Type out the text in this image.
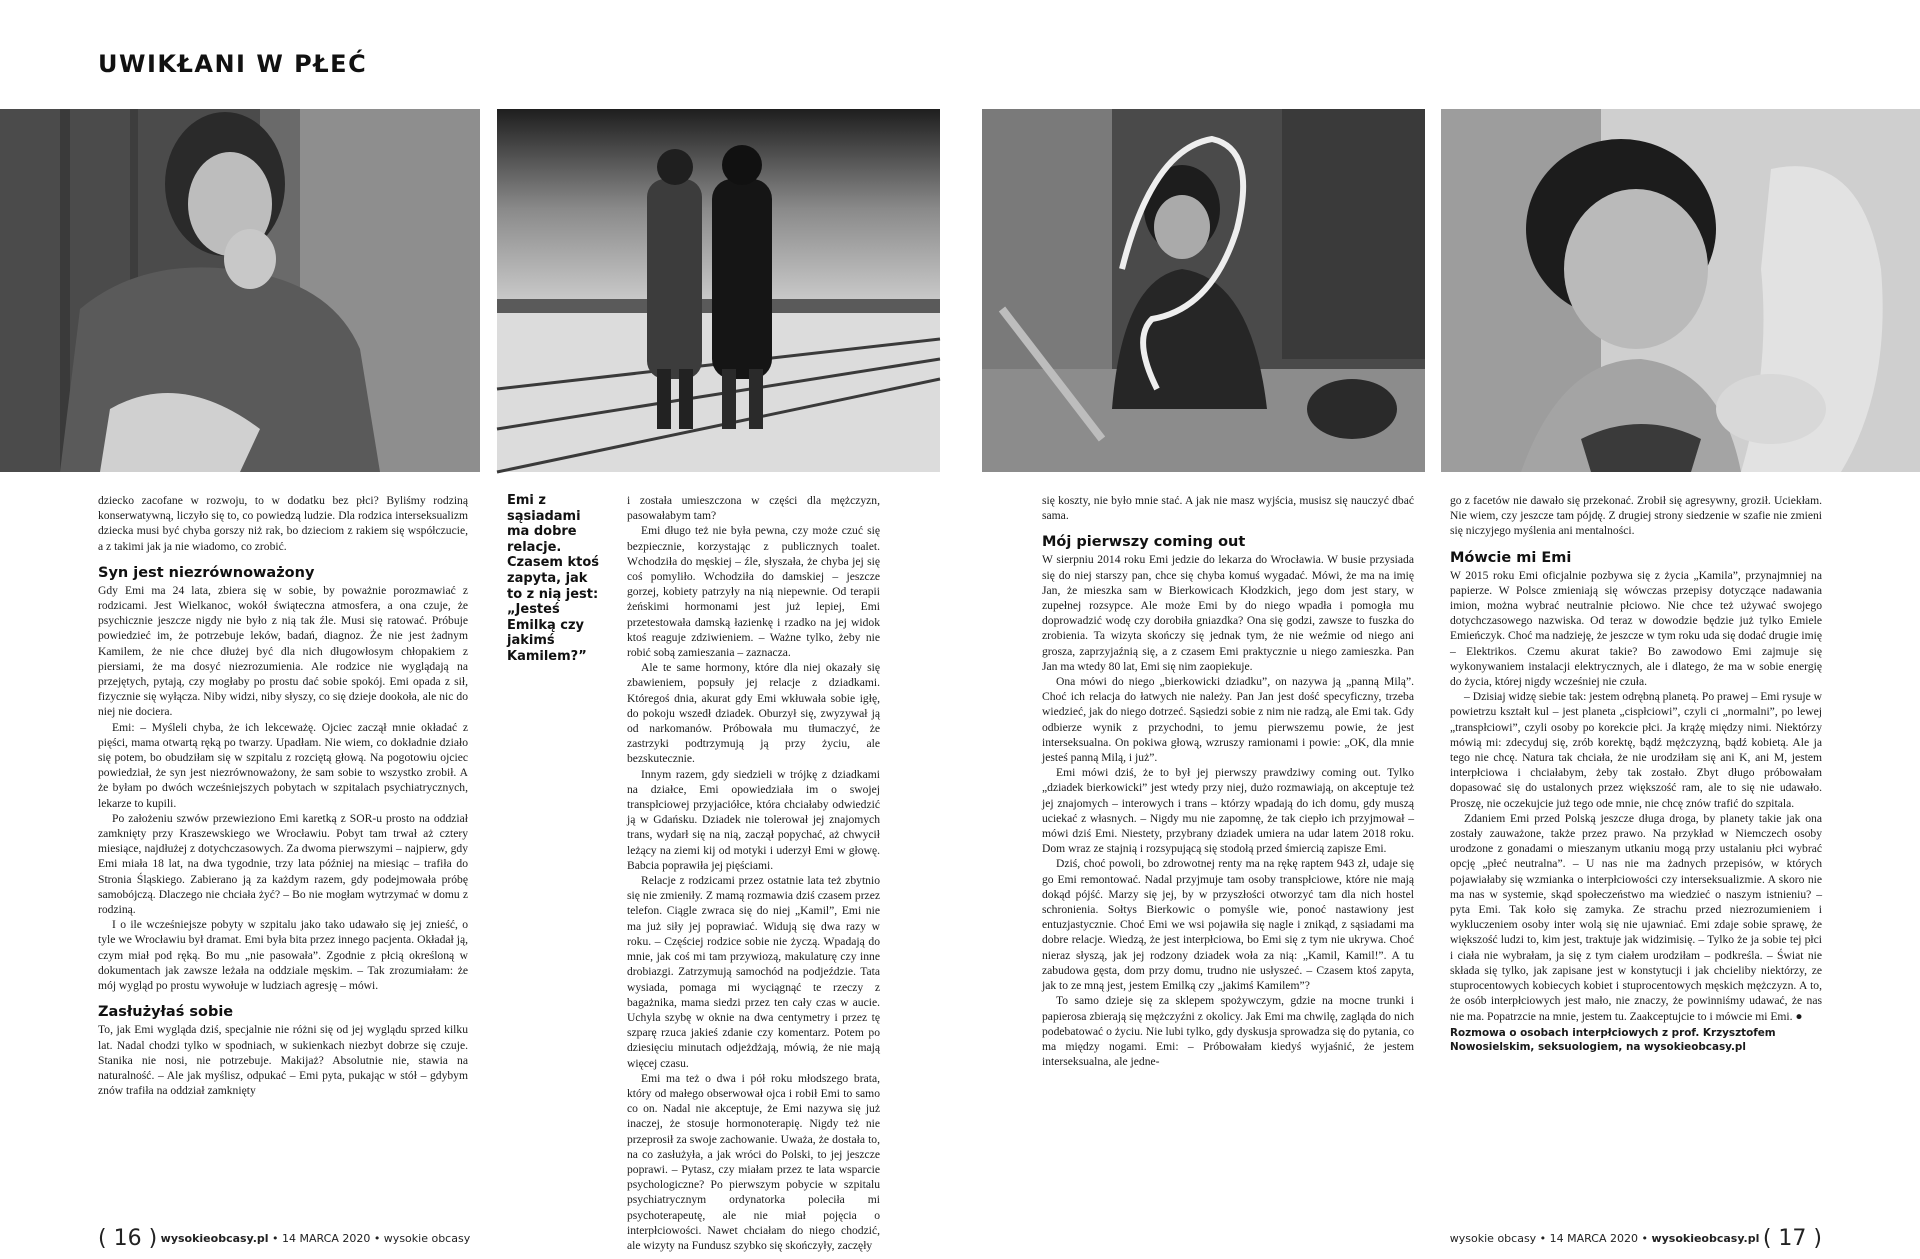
UWIKŁANI W PŁEĆ

dziecko zacofane w rozwoju, to w dodatku bez płci? Byliśmy rodziną konserwatywną, liczyło się to, co powiedzą ludzie. Dla rodzica interseksualizm dziecka musi być chyba gorszy niż rak, bo dzieciom z rakiem się współczucie, a z takimi jak ja nie wiadomo, co zrobić.

Syn jest niezrównoważony

Gdy Emi ma 24 lata, zbiera się w sobie, by poważnie porozmawiać z rodzicami. Jest Wielkanoc, wokół świąteczna atmosfera, a ona czuje, że psychicznie jeszcze nigdy nie było z nią tak źle. Musi się ratować. Próbuje powiedzieć im, że potrzebuje leków, badań, diagnoz. Że nie jest żadnym Kamilem, że nie chce dłużej być dla nich długowłosym chłopakiem z piersiami, że ma dosyć niezrozumienia. Ale rodzice nie wyglądają na przejętych, pytają, czy mogłaby po prostu dać sobie spokój. Emi opada z sił, fizycznie się wyłącza. Niby widzi, niby słyszy, co się dzieje dookoła, ale nic do niej nie dociera.

Emi: – Myśleli chyba, że ich lekceważę. Ojciec zaczął mnie okładać z pięści, mama otwartą ręką po twarzy. Upadłam. Nie wiem, co dokładnie działo się potem, bo obudziłam się w szpitalu z rozciętą głową. Na pogotowiu ojciec powiedział, że syn jest niezrównoważony, że sam sobie to wszystko zrobił. A że byłam po dwóch wcześniejszych pobytach w szpitalach psychiatrycznych, lekarze to kupili.

Po założeniu szwów przewieziono Emi karetką z SOR-u prosto na oddział zamknięty przy Kraszewskiego we Wrocławiu. Pobyt tam trwał aż cztery miesiące, najdłużej z dotychczasowych. Za dwoma pierwszymi – najpierw, gdy Emi miała 18 lat, na dwa tygodnie, trzy lata później na miesiąc – trafiła do Stronia Śląskiego. Zabierano ją za każdym razem, gdy podejmowała próbę samobójczą. Dlaczego nie chciała żyć? – Bo nie mogłam wytrzymać w domu z rodziną.

I o ile wcześniejsze pobyty w szpitalu jako tako udawało się jej znieść, o tyle we Wrocławiu był dramat. Emi była bita przez innego pacjenta. Okładał ją, czym miał pod ręką. Bo mu „nie pasowała”. Zgodnie z płcią określoną w dokumentach jak zawsze leżała na oddziale męskim. – Tak zrozumiałam: że mój wygląd po prostu wywołuje w ludziach agresję – mówi.

Zasłużyłaś sobie

To, jak Emi wygląda dziś, specjalnie nie różni się od jej wyglądu sprzed kilku lat. Nadal chodzi tylko w spodniach, w sukienkach niezbyt dobrze się czuje. Stanika nie nosi, nie potrzebuje. Makijaż? Absolutnie nie, stawia na naturalność. – Ale jak myślisz, odpukać – Emi pyta, pukając w stół – gdybym znów trafiła na oddział zamknięty

Emi z sąsiadami ma dobre relacje. Czasem ktoś zapyta, jak to z nią jest: „Jesteś Emilką czy jakimś Kamilem?”

i została umieszczona w części dla mężczyzn, pasowałabym tam?

Emi długo też nie była pewna, czy może czuć się bezpiecznie, korzystając z publicznych toalet. Wchodziła do męskiej – źle, słyszała, że chyba jej się coś pomyliło. Wchodziła do damskiej – jeszcze gorzej, kobiety patrzyły na nią niepewnie. Od terapii żeńskimi hormonami jest już lepiej, Emi przetestowała damską łazienkę i rzadko na jej widok ktoś reaguje zdziwieniem. – Ważne tylko, żeby nie robić sobą zamieszania – zaznacza.

Ale te same hormony, które dla niej okazały się zbawieniem, popsuły jej relacje z dziadkami. Któregoś dnia, akurat gdy Emi wkłuwała sobie igłę, do pokoju wszedł dziadek. Oburzył się, zwyzywał ją od narkomanów. Próbowała mu tłumaczyć, że zastrzyki podtrzymują ją przy życiu, ale bezskutecznie.

Innym razem, gdy siedzieli w trójkę z dziadkami na działce, Emi opowiedziała im o swojej transpłciowej przyjaciółce, która chciałaby odwiedzić ją w Gdańsku. Dziadek nie tolerował jej znajomych trans, wydarł się na nią, zaczął popychać, aż chwycił leżący na ziemi kij od motyki i uderzył Emi w głowę. Babcia poprawiła jej pięściami.

Relacje z rodzicami przez ostatnie lata też zbytnio się nie zmieniły. Z mamą rozmawia dziś czasem przez telefon. Ciągle zwraca się do niej „Kamil”, Emi nie ma już siły jej poprawiać. Widują się dwa razy w roku. – Częściej rodzice sobie nie życzą. Wpadają do mnie, jak coś mi tam przywiozą, makulaturę czy inne drobiazgi. Zatrzymują samochód na podjeździe. Tata wysiada, pomaga mi wyciągnąć te rzeczy z bagażnika, mama siedzi przez ten cały czas w aucie. Uchyla szybę w oknie na dwa centymetry i przez tę szparę rzuca jakieś zdanie czy komentarz. Potem po dziesięciu minutach odjeżdżają, mówią, że nie mają więcej czasu.

Emi ma też o dwa i pół roku młodszego brata, który od małego obserwował ojca i robił Emi to samo co on. Nadal nie akceptuje, że Emi nazywa się już inaczej, że stosuje hormonoterapię. Nigdy też nie przeprosił za swoje zachowanie. Uważa, że dostała to, na co zasłużyła, a jak wróci do Polski, to jej jeszcze poprawi. – Pytasz, czy miałam przez te lata wsparcie psychologiczne? Po pierwszym pobycie w szpitalu psychiatrycznym ordynatorka poleciła mi psychoterapeutę, ale nie miał pojęcia o interpłciowości. Nawet chciałam do niego chodzić, ale wizyty na Fundusz szybko się skończyły, zaczęły

się koszty, nie było mnie stać. A jak nie masz wyjścia, musisz się nauczyć dbać sama.

Mój pierwszy coming out

W sierpniu 2014 roku Emi jedzie do lekarza do Wrocławia. W busie przysiada się do niej starszy pan, chce się chyba komuś wygadać. Mówi, że ma na imię Jan, że mieszka sam w Bierkowicach Kłodzkich, jego dom jest stary, w zupełnej rozsypce. Ale może Emi by do niego wpadła i pomogła mu doprowadzić wodę czy dorobiła gniazdka? Ona się godzi, zawsze to fuszka do zrobienia. Ta wizyta skończy się jednak tym, że nie weźmie od niego ani grosza, zaprzyjaźnią się, a z czasem Emi praktycznie u niego zamieszka. Pan Jan ma wtedy 80 lat, Emi się nim zaopiekuje.

Ona mówi do niego „bierkowicki dziadku”, on nazywa ją „panną Milą”. Choć ich relacja do łatwych nie należy. Pan Jan jest dość specyficzny, trzeba wiedzieć, jak do niego dotrzeć. Sąsiedzi sobie z nim nie radzą, ale Emi tak. Gdy odbierze wynik z przychodni, to jemu pierwszemu powie, że jest interseksualna. On pokiwa głową, wzruszy ramionami i powie: „OK, dla mnie jesteś panną Milą, i już”.

Emi mówi dziś, że to był jej pierwszy prawdziwy coming out. Tylko „dziadek bierkowicki” jest wtedy przy niej, dużo rozmawiają, on akceptuje też jej znajomych – interowych i trans – którzy wpadają do ich domu, gdy muszą uciekać z własnych. – Nigdy mu nie zapomnę, że tak ciepło ich przyjmował – mówi dziś Emi. Niestety, przybrany dziadek umiera na udar latem 2018 roku. Dom wraz ze stajnią i rozsypującą się stodołą przed śmiercią zapisze Emi.

Dziś, choć powoli, bo zdrowotnej renty ma na rękę raptem 943 zł, udaje się go Emi remontować. Nadal przyjmuje tam osoby transpłciowe, które nie mają dokąd pójść. Marzy się jej, by w przyszłości otworzyć tam dla nich hostel schronienia. Sołtys Bierkowic o pomyśle wie, ponoć nastawiony jest entuzjastycznie. Choć Emi we wsi pojawiła się nagle i znikąd, z sąsiadami ma dobre relacje. Wiedzą, że jest interpłciowa, bo Emi się z tym nie ukrywa. Choć nieraz słyszą, jak jej rodzony dziadek woła za nią: „Kamil, Kamil!”. A tu zabudowa gęsta, dom przy domu, trudno nie usłyszeć. – Czasem ktoś zapyta, jak to ze mną jest, jestem Emilką czy „jakimś Kamilem”?

To samo dzieje się za sklepem spożywczym, gdzie na mocne trunki i papierosa zbierają się mężczyźni z okolicy. Jak Emi ma chwilę, zagląda do nich podebatować o życiu. Nie lubi tylko, gdy dyskusja sprowadza się do pytania, co ma między nogami. Emi: – Próbowałam kiedyś wyjaśnić, że jestem interseksualna, ale jedne-

go z facetów nie dawało się przekonać. Zrobił się agresywny, groził. Uciekłam. Nie wiem, czy jeszcze tam pójdę. Z drugiej strony siedzenie w szafie nie zmieni się niczyjego myślenia ani mentalności.

Mówcie mi Emi

W 2015 roku Emi oficjalnie pozbywa się z życia „Kamila”, przynajmniej na papierze. W Polsce zmieniają się wówczas przepisy dotyczące nadawania imion, można wybrać neutralnie płciowo. Nie chce też używać swojego dotychczasowego nazwiska. Od teraz w dowodzie będzie już tylko Emiele Emieńczyk. Choć ma nadzieję, że jeszcze w tym roku uda się dodać drugie imię – Elektrikos. Czemu akurat takie? Bo zawodowo Emi zajmuje się wykonywaniem instalacji elektrycznych, ale i dlatego, że ma w sobie energię do życia, której nigdy wcześniej nie czuła.

– Dzisiaj widzę siebie tak: jestem odrębną planetą. Po prawej – Emi rysuje w powietrzu kształt kul – jest planeta „cispłciowi”, czyli ci „normalni”, po lewej „transpłciowi”, czyli osoby po korekcie płci. Ja krążę między nimi. Niektórzy mówią mi: zdecyduj się, zrób korektę, bądź mężczyzną, bądź kobietą. Ale ja tego nie chcę. Natura tak chciała, że nie urodziłam się ani K, ani M, jestem interpłciowa i chciałabym, żeby tak zostało. Zbyt długo próbowałam dopasować się do ustalonych przez większość ram, ale to się nie udawało. Proszę, nie oczekujcie już tego ode mnie, nie chcę znów trafić do szpitala.

Zdaniem Emi przed Polską jeszcze długa droga, by planety takie jak ona zostały zauważone, także przez prawo. Na przykład w Niemczech osoby urodzone z gonadami o mieszanym utkaniu mogą przy ustalaniu płci wybrać opcję „płeć neutralna”. – U nas nie ma żadnych przepisów, w których pojawiałaby się wzmianka o interpłciowości czy interseksualizmie. A skoro nie ma nas w systemie, skąd społeczeństwo ma wiedzieć o naszym istnieniu? – pyta Emi. Tak koło się zamyka. Ze strachu przed niezrozumieniem i wykluczeniem osoby inter wolą się nie ujawniać. Emi zdaje sobie sprawę, że większość ludzi to, kim jest, traktuje jak widzimisię. – Tylko że ja sobie tej płci i ciała nie wybrałam, ja się z tym ciałem urodziłam – podkreśla. – Świat nie składa się tylko, jak zapisane jest w konstytucji i jak chcieliby niektórzy, ze stuprocentowych kobiecych kobiet i stuprocentowych męskich mężczyzn. A to, że osób interpłciowych jest mało, nie znaczy, że powinniśmy udawać, że nas nie ma. Popatrzcie na mnie, jestem tu. Zaakceptujcie to i mówcie mi Emi. ●

Rozmowa o osobach interpłciowych z prof. Krzysztofem Nowosielskim, seksuologiem, na wysokieobcasy.pl
( 16 ) wysokieobcasy.pl • 14 MARCA 2020 • wysokie obcasy	wysokie obcasy • 14 MARCA 2020 • wysokieobcasy.pl ( 17 )
